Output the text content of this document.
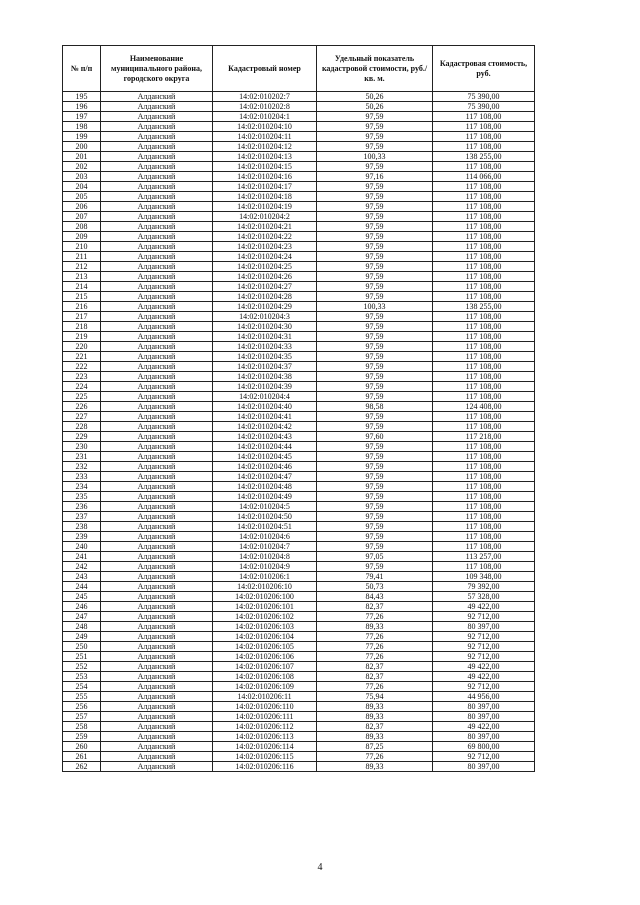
№ п/п	Наименование муниципального района, городского округа	Кадастровый номер	Удельный показатель кадастровой стоимости, руб./кв. м.	Кадастровая стоимость, руб.
195	Алданский	14:02:010202:7	50,26	75 390,00
196	Алданский	14:02:010202:8	50,26	75 390,00
197	Алданский	14:02:010204:1	97,59	117 108,00
198	Алданский	14:02:010204:10	97,59	117 108,00
199	Алданский	14:02:010204:11	97,59	117 108,00
200	Алданский	14:02:010204:12	97,59	117 108,00
201	Алданский	14:02:010204:13	100,33	138 255,00
202	Алданский	14:02:010204:15	97,59	117 108,00
203	Алданский	14:02:010204:16	97,16	114 066,00
204	Алданский	14:02:010204:17	97,59	117 108,00
205	Алданский	14:02:010204:18	97,59	117 108,00
206	Алданский	14:02:010204:19	97,59	117 108,00
207	Алданский	14:02:010204:2	97,59	117 108,00
208	Алданский	14:02:010204:21	97,59	117 108,00
209	Алданский	14:02:010204:22	97,59	117 108,00
210	Алданский	14:02:010204:23	97,59	117 108,00
211	Алданский	14:02:010204:24	97,59	117 108,00
212	Алданский	14:02:010204:25	97,59	117 108,00
213	Алданский	14:02:010204:26	97,59	117 108,00
214	Алданский	14:02:010204:27	97,59	117 108,00
215	Алданский	14:02:010204:28	97,59	117 108,00
216	Алданский	14:02:010204:29	100,33	138 255,00
217	Алданский	14:02:010204:3	97,59	117 108,00
218	Алданский	14:02:010204:30	97,59	117 108,00
219	Алданский	14:02:010204:31	97,59	117 108,00
220	Алданский	14:02:010204:33	97,59	117 108,00
221	Алданский	14:02:010204:35	97,59	117 108,00
222	Алданский	14:02:010204:37	97,59	117 108,00
223	Алданский	14:02:010204:38	97,59	117 108,00
224	Алданский	14:02:010204:39	97,59	117 108,00
225	Алданский	14:02:010204:4	97,59	117 108,00
226	Алданский	14:02:010204:40	98,58	124 408,00
227	Алданский	14:02:010204:41	97,59	117 108,00
228	Алданский	14:02:010204:42	97,59	117 108,00
229	Алданский	14:02:010204:43	97,60	117 218,00
230	Алданский	14:02:010204:44	97,59	117 108,00
231	Алданский	14:02:010204:45	97,59	117 108,00
232	Алданский	14:02:010204:46	97,59	117 108,00
233	Алданский	14:02:010204:47	97,59	117 108,00
234	Алданский	14:02:010204:48	97,59	117 108,00
235	Алданский	14:02:010204:49	97,59	117 108,00
236	Алданский	14:02:010204:5	97,59	117 108,00
237	Алданский	14:02:010204:50	97,59	117 108,00
238	Алданский	14:02:010204:51	97,59	117 108,00
239	Алданский	14:02:010204:6	97,59	117 108,00
240	Алданский	14:02:010204:7	97,59	117 108,00
241	Алданский	14:02:010204:8	97,05	113 257,00
242	Алданский	14:02:010204:9	97,59	117 108,00
243	Алданский	14:02:010206:1	79,41	109 348,00
244	Алданский	14:02:010206:10	50,73	79 392,00
245	Алданский	14:02:010206:100	84,43	57 328,00
246	Алданский	14:02:010206:101	82,37	49 422,00
247	Алданский	14:02:010206:102	77,26	92 712,00
248	Алданский	14:02:010206:103	89,33	80 397,00
249	Алданский	14:02:010206:104	77,26	92 712,00
250	Алданский	14:02:010206:105	77,26	92 712,00
251	Алданский	14:02:010206:106	77,26	92 712,00
252	Алданский	14:02:010206:107	82,37	49 422,00
253	Алданский	14:02:010206:108	82,37	49 422,00
254	Алданский	14:02:010206:109	77,26	92 712,00
255	Алданский	14:02:010206:11	75,94	44 956,00
256	Алданский	14:02:010206:110	89,33	80 397,00
257	Алданский	14:02:010206:111	89,33	80 397,00
258	Алданский	14:02:010206:112	82,37	49 422,00
259	Алданский	14:02:010206:113	89,33	80 397,00
260	Алданский	14:02:010206:114	87,25	69 800,00
261	Алданский	14:02:010206:115	77,26	92 712,00
262	Алданский	14:02:010206:116	89,33	80 397,00
4
